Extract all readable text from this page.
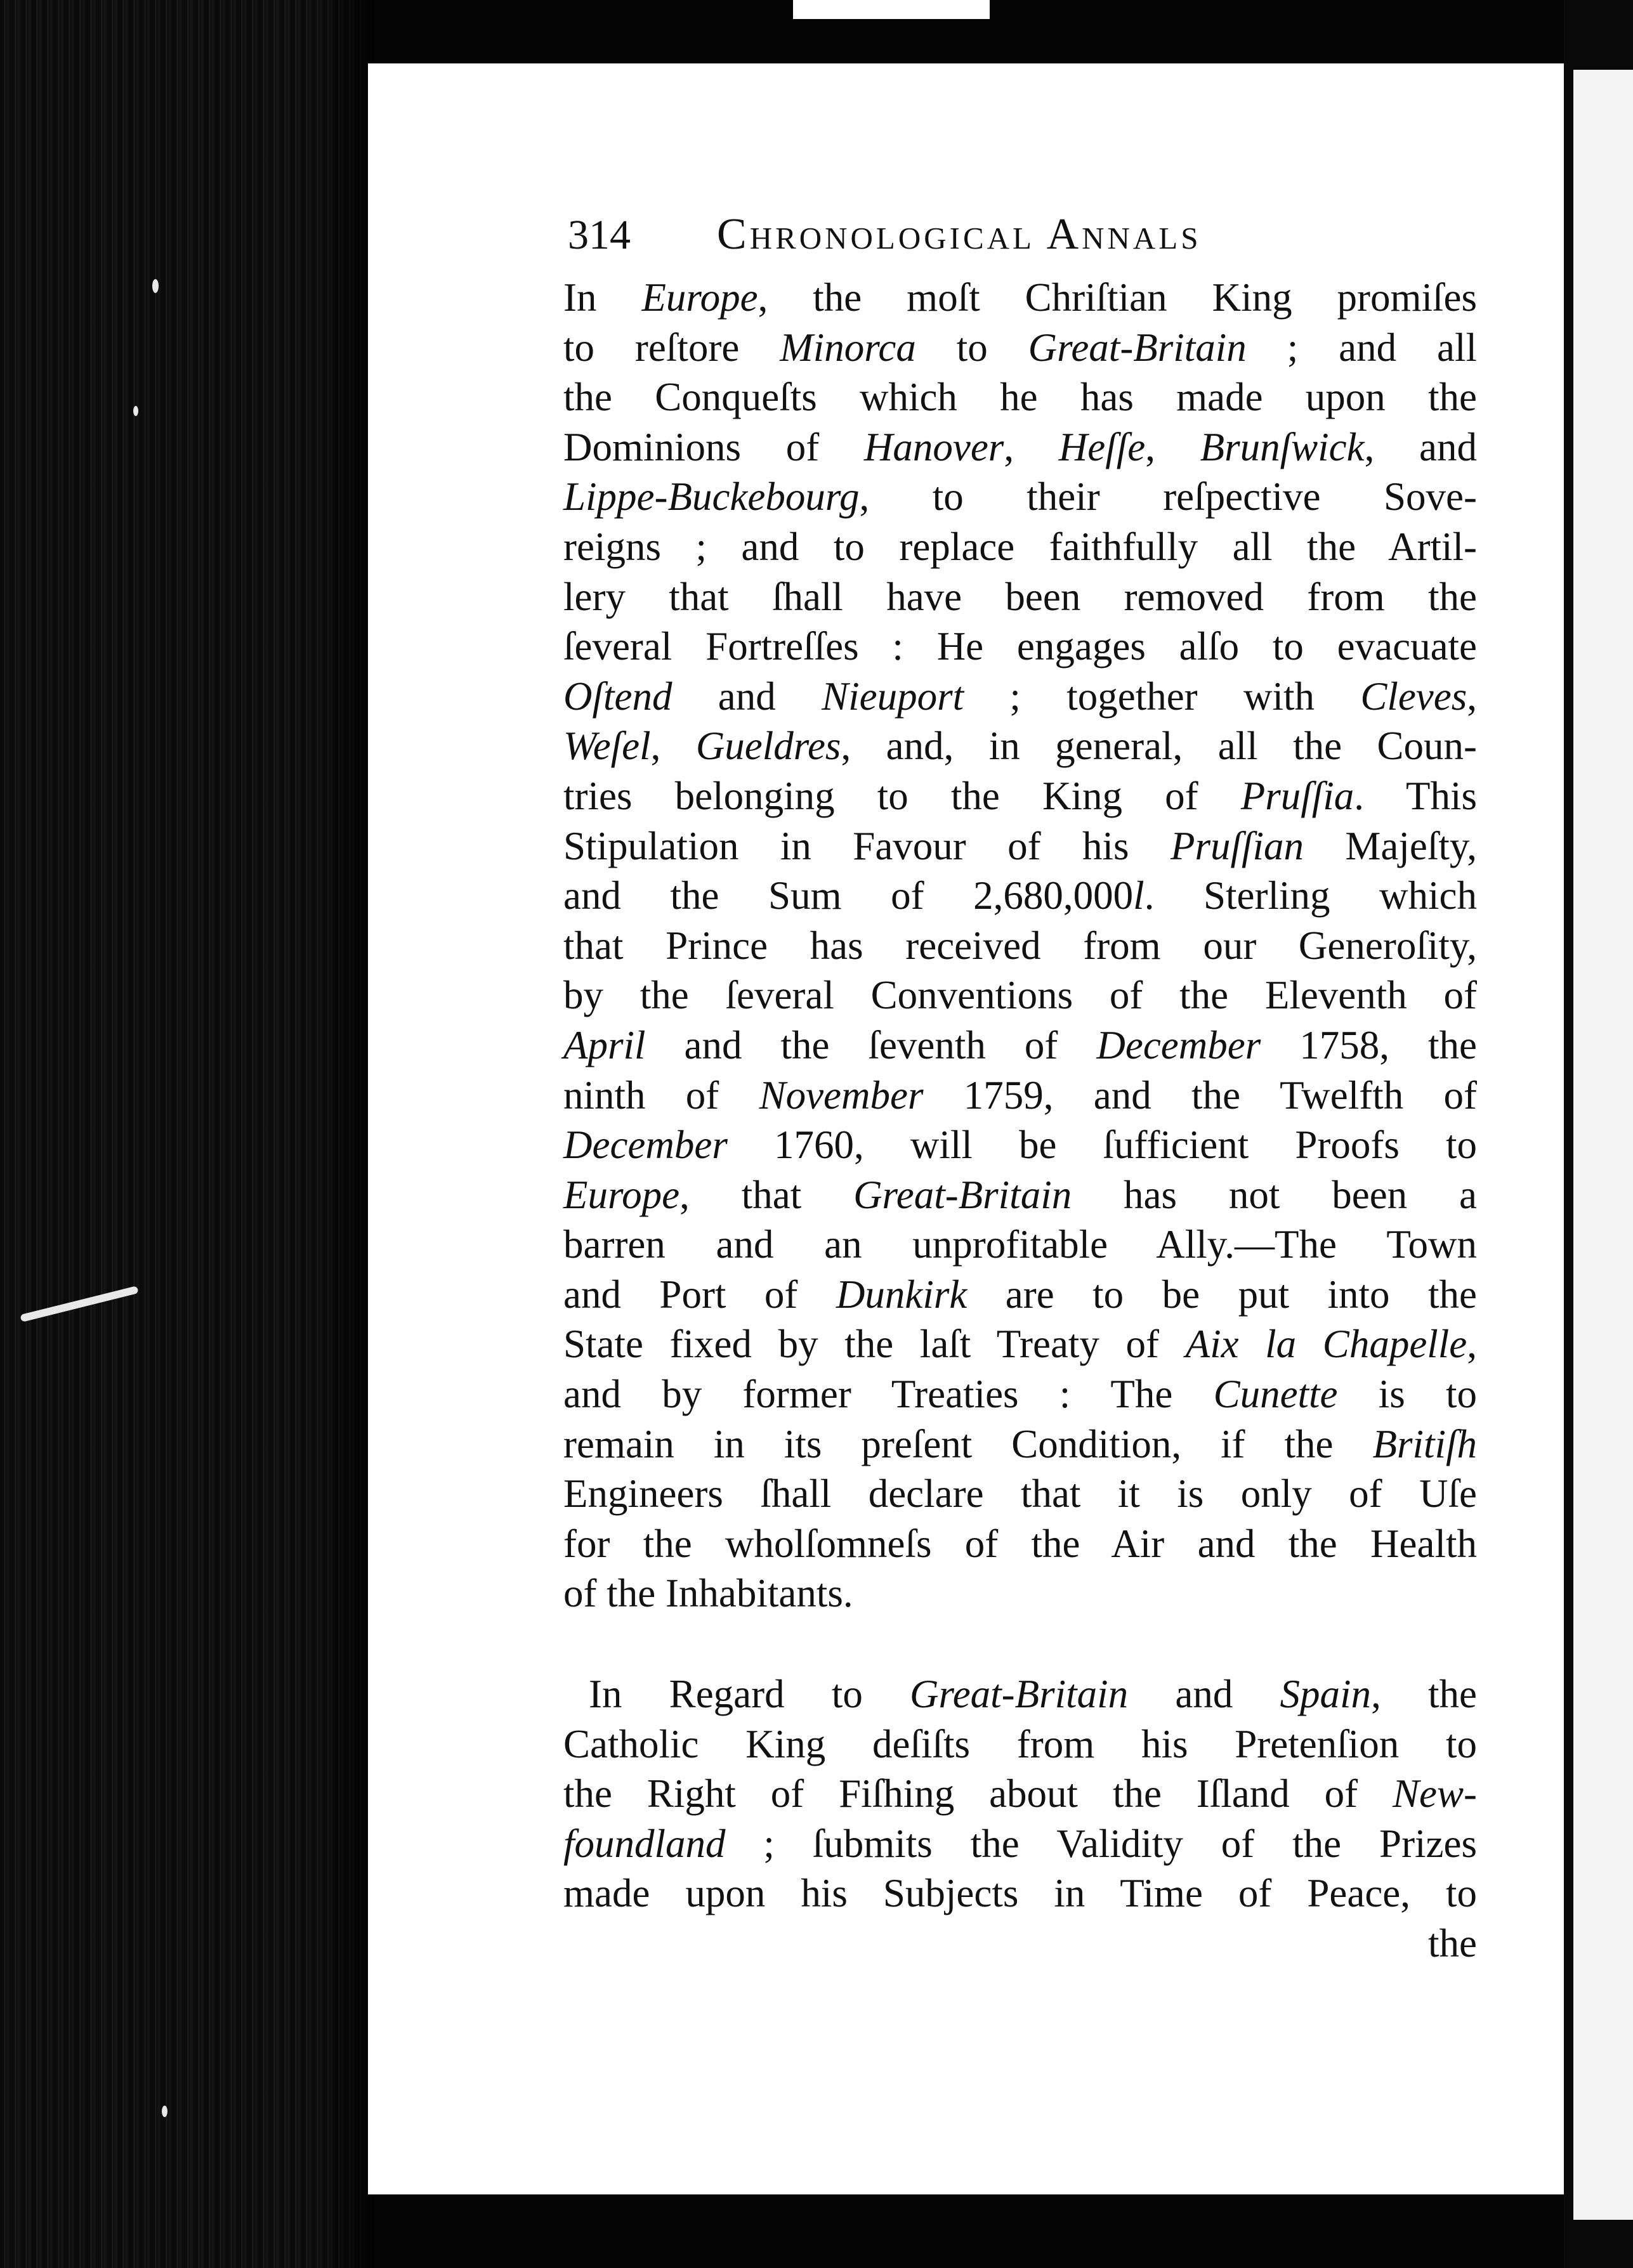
314 Chronological Annals
In Europe, the moſt Chriſtian King promiſes
to reſtore Minorca to Great-Britain ; and all
the Conqueſts which he has made upon the
Dominions of Hanover, Heſſe, Brunſwick, and
Lippe-Buckebourg, to their reſpective Sove-
reigns ; and to replace faithfully all the Artil-
lery that ſhall have been removed from the
ſeveral Fortreſſes : He engages alſo to evacuate
Oſtend and Nieuport ; together with Cleves,
Weſel, Gueldres, and, in general, all the Coun-
tries belonging to the King of Pruſſia. This
Stipulation in Favour of his Pruſſian Majeſty,
and the Sum of 2,680,000l. Sterling which
that Prince has received from our Generoſity,
by the ſeveral Conventions of the Eleventh of
April and the ſeventh of December 1758, the
ninth of November 1759, and the Twelfth of
December 1760, will be ſufficient Proofs to
Europe, that Great-Britain has not been a
barren and an unprofitable Ally.—The Town
and Port of Dunkirk are to be put into the
State fixed by the laſt Treaty of Aix la Chapelle,
and by former Treaties : The Cunette is to
remain in its preſent Condition, if the Britiſh
Engineers ſhall declare that it is only of Uſe
for the wholſomneſs of the Air and the Health
of the Inhabitants.
In Regard to Great-Britain and Spain, the
Catholic King deſiſts from his Pretenſion to
the Right of Fiſhing about the Iſland of New-
foundland ; ſubmits the Validity of the Prizes
made upon his Subjects in Time of Peace, to
the
